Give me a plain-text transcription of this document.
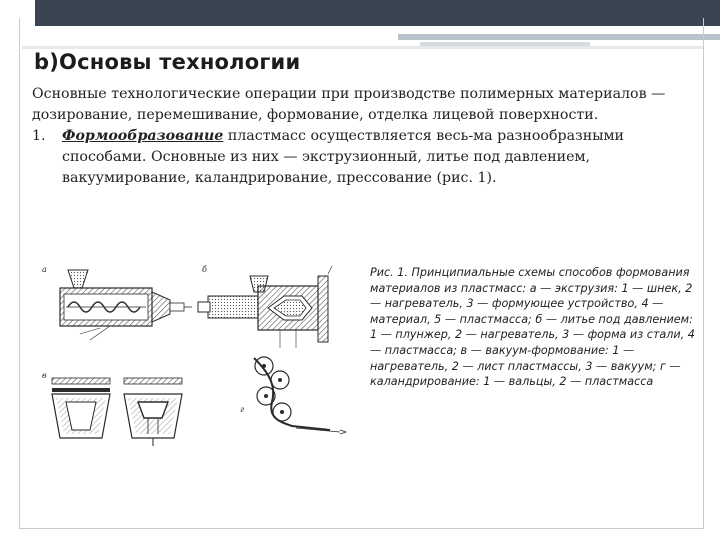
b)Основы технологии

Основные технологические операции при производстве полимерных материалов — дозирование, перемешивание, формование, отделка лицевой поверхности.

1.	Формообразование пластмасс осуществляется весь-ма разнообразными способами. Основные из них — экструзионный, литье под давлением, вакуумирование, каландрирование, прессование (рис. 1).
а	б
в
г
Рис. 1. Принципиальные схемы способов формования материалов из пластмасс: а — экструзия: 1 — шнек, 2 — нагреватель, 3 — формующее устройство, 4 — материал, 5 — пластмасса; б — литье под давлением: 1 — плунжер, 2 — нагреватель, 3 — форма из стали, 4 — пластмасса; в — вакуум-формование: 1 — нагреватель, 2 — лист пластмассы, 3 — вакуум; г — каландрирование: 1 — вальцы, 2 — пластмасса
